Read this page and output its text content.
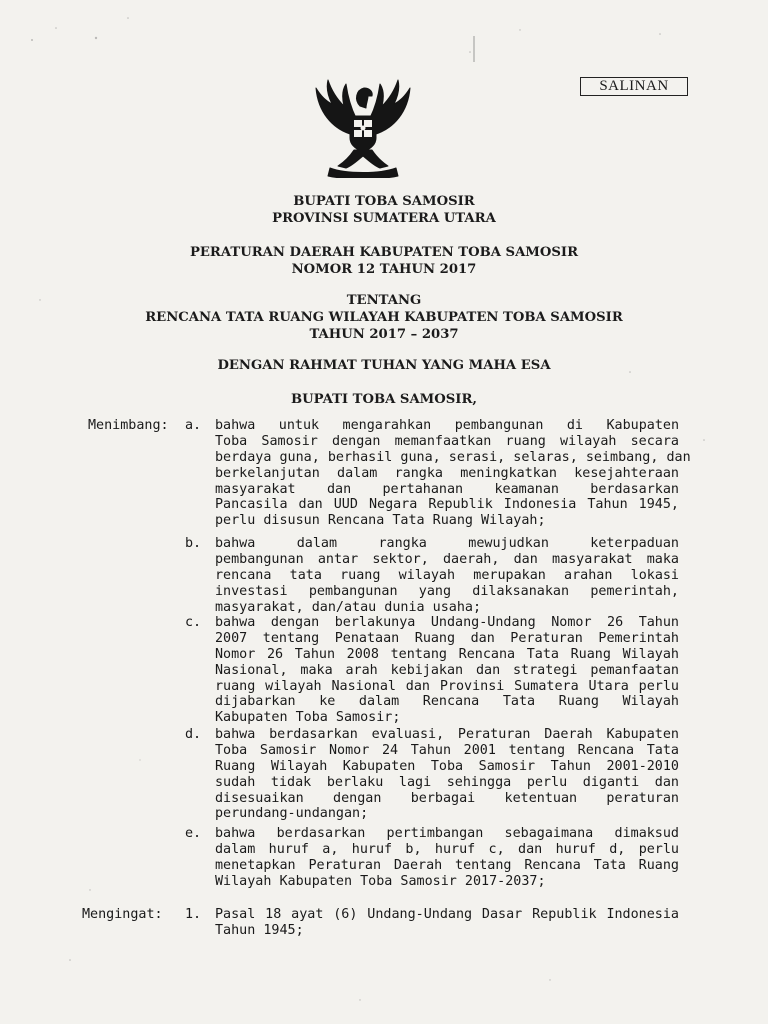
SALINAN
BUPATI TOBA SAMOSIR
PROVINSI SUMATERA UTARA
PERATURAN DAERAH KABUPATEN TOBA SAMOSIR
NOMOR 12 TAHUN 2017
TENTANG
RENCANA TATA RUANG WILAYAH KABUPATEN TOBA SAMOSIR
TAHUN 2017 – 2037
DENGAN RAHMAT TUHAN YANG MAHA ESA
BUPATI TOBA SAMOSIR,
Menimbang: a. bahwa untuk mengarahkan pembangunan di Kabupaten
Toba Samosir dengan memanfaatkan ruang wilayah secara
berdaya guna, berhasil guna, serasi, selaras, seimbang, dan
berkelanjutan dalam rangka meningkatkan kesejahteraan
masyarakat dan pertahanan keamanan berdasarkan
Pancasila dan UUD Negara Republik Indonesia Tahun 1945,
perlu disusun Rencana Tata Ruang Wilayah;
b. bahwa dalam rangka mewujudkan keterpaduan
pembangunan antar sektor, daerah, dan masyarakat maka
rencana tata ruang wilayah merupakan arahan lokasi
investasi pembangunan yang dilaksanakan pemerintah,
masyarakat, dan/atau dunia usaha;
c. bahwa dengan berlakunya Undang-Undang Nomor 26 Tahun
2007 tentang Penataan Ruang dan Peraturan Pemerintah
Nomor 26 Tahun 2008 tentang Rencana Tata Ruang Wilayah
Nasional, maka arah kebijakan dan strategi pemanfaatan
ruang wilayah Nasional dan Provinsi Sumatera Utara perlu
dijabarkan ke dalam Rencana Tata Ruang Wilayah
Kabupaten Toba Samosir;
d. bahwa berdasarkan evaluasi, Peraturan Daerah Kabupaten
Toba Samosir Nomor 24 Tahun 2001 tentang Rencana Tata
Ruang Wilayah Kabupaten Toba Samosir Tahun 2001-2010
sudah tidak berlaku lagi sehingga perlu diganti dan
disesuaikan dengan berbagai ketentuan peraturan
perundang-undangan;
e. bahwa berdasarkan pertimbangan sebagaimana dimaksud
dalam huruf a, huruf b, huruf c, dan huruf d, perlu
menetapkan Peraturan Daerah tentang Rencana Tata Ruang
Wilayah Kabupaten Toba Samosir 2017-2037;
Mengingat: 1. Pasal 18 ayat (6) Undang-Undang Dasar Republik Indonesia
Tahun 1945;
